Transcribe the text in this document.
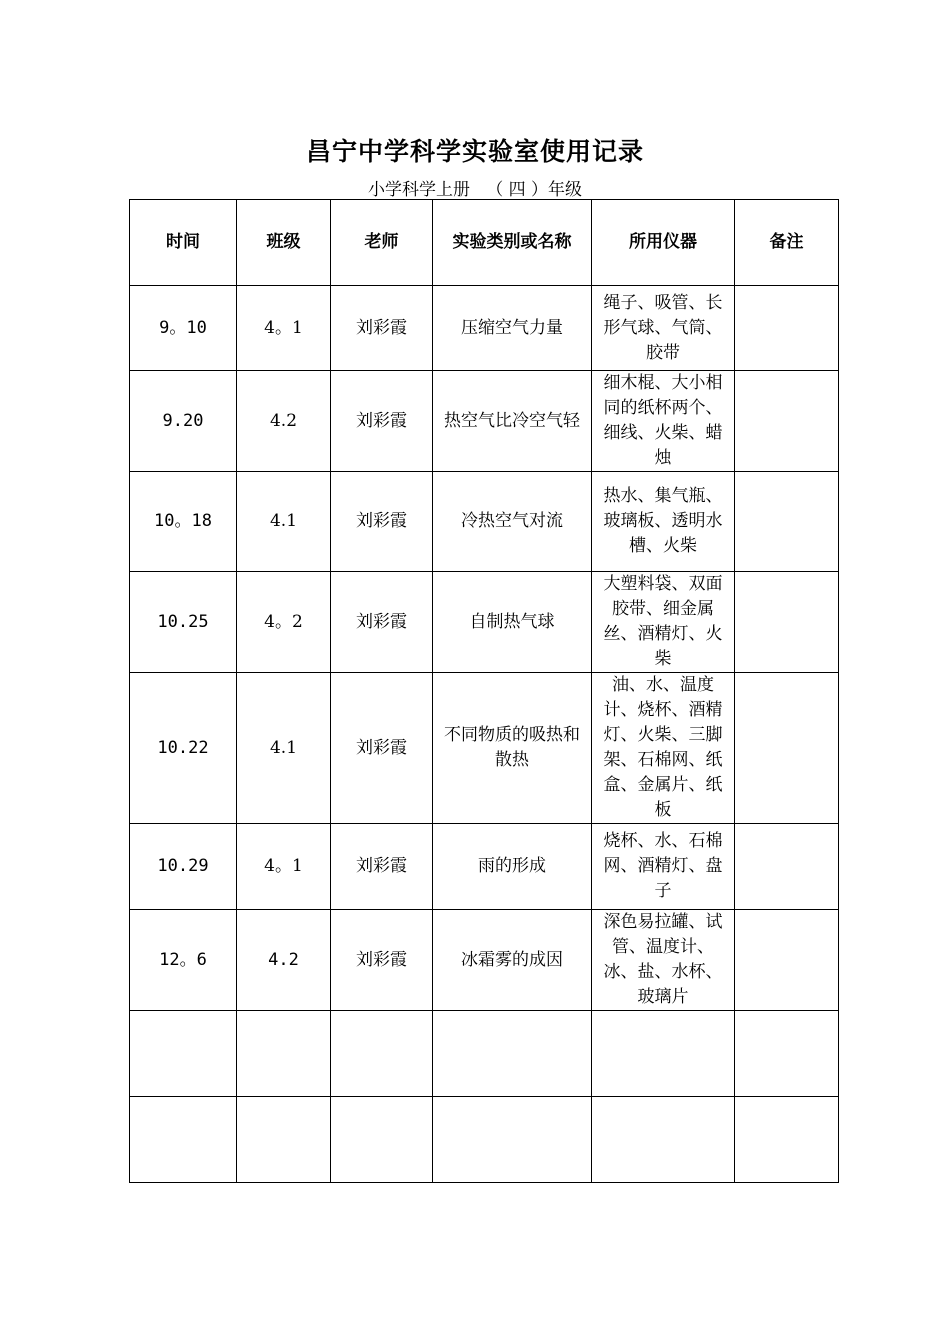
昌宁中学科学实验室使用记录
小学科学上册   （ 四 ）年级
时间	班级	老师	实验类别或名称	所用仪器	备注
9。10	4。1	刘彩霞	压缩空气力量	绳子、吸管、长形气球、气筒、胶带	
9.20	4.2	刘彩霞	热空气比冷空气轻	细木棍、大小相同的纸杯两个、细线、火柴、蜡烛	
10。18	4.1	刘彩霞	冷热空气对流	热水、集气瓶、玻璃板、透明水槽、火柴	
10.25	4。2	刘彩霞	自制热气球	大塑料袋、双面胶带、细金属丝、酒精灯、火柴	
10.22	4.1	刘彩霞	不同物质的吸热和散热	油、水、温度计、烧杯、酒精灯、火柴、三脚架、石棉网、纸盒、金属片、纸板	
10.29	4。1	刘彩霞	雨的形成	烧杯、水、石棉网、酒精灯、盘子	
12。6	4.2	刘彩霞	冰霜雾的成因	深色易拉罐、试管、温度计、冰、盐、水杯、玻璃片	
